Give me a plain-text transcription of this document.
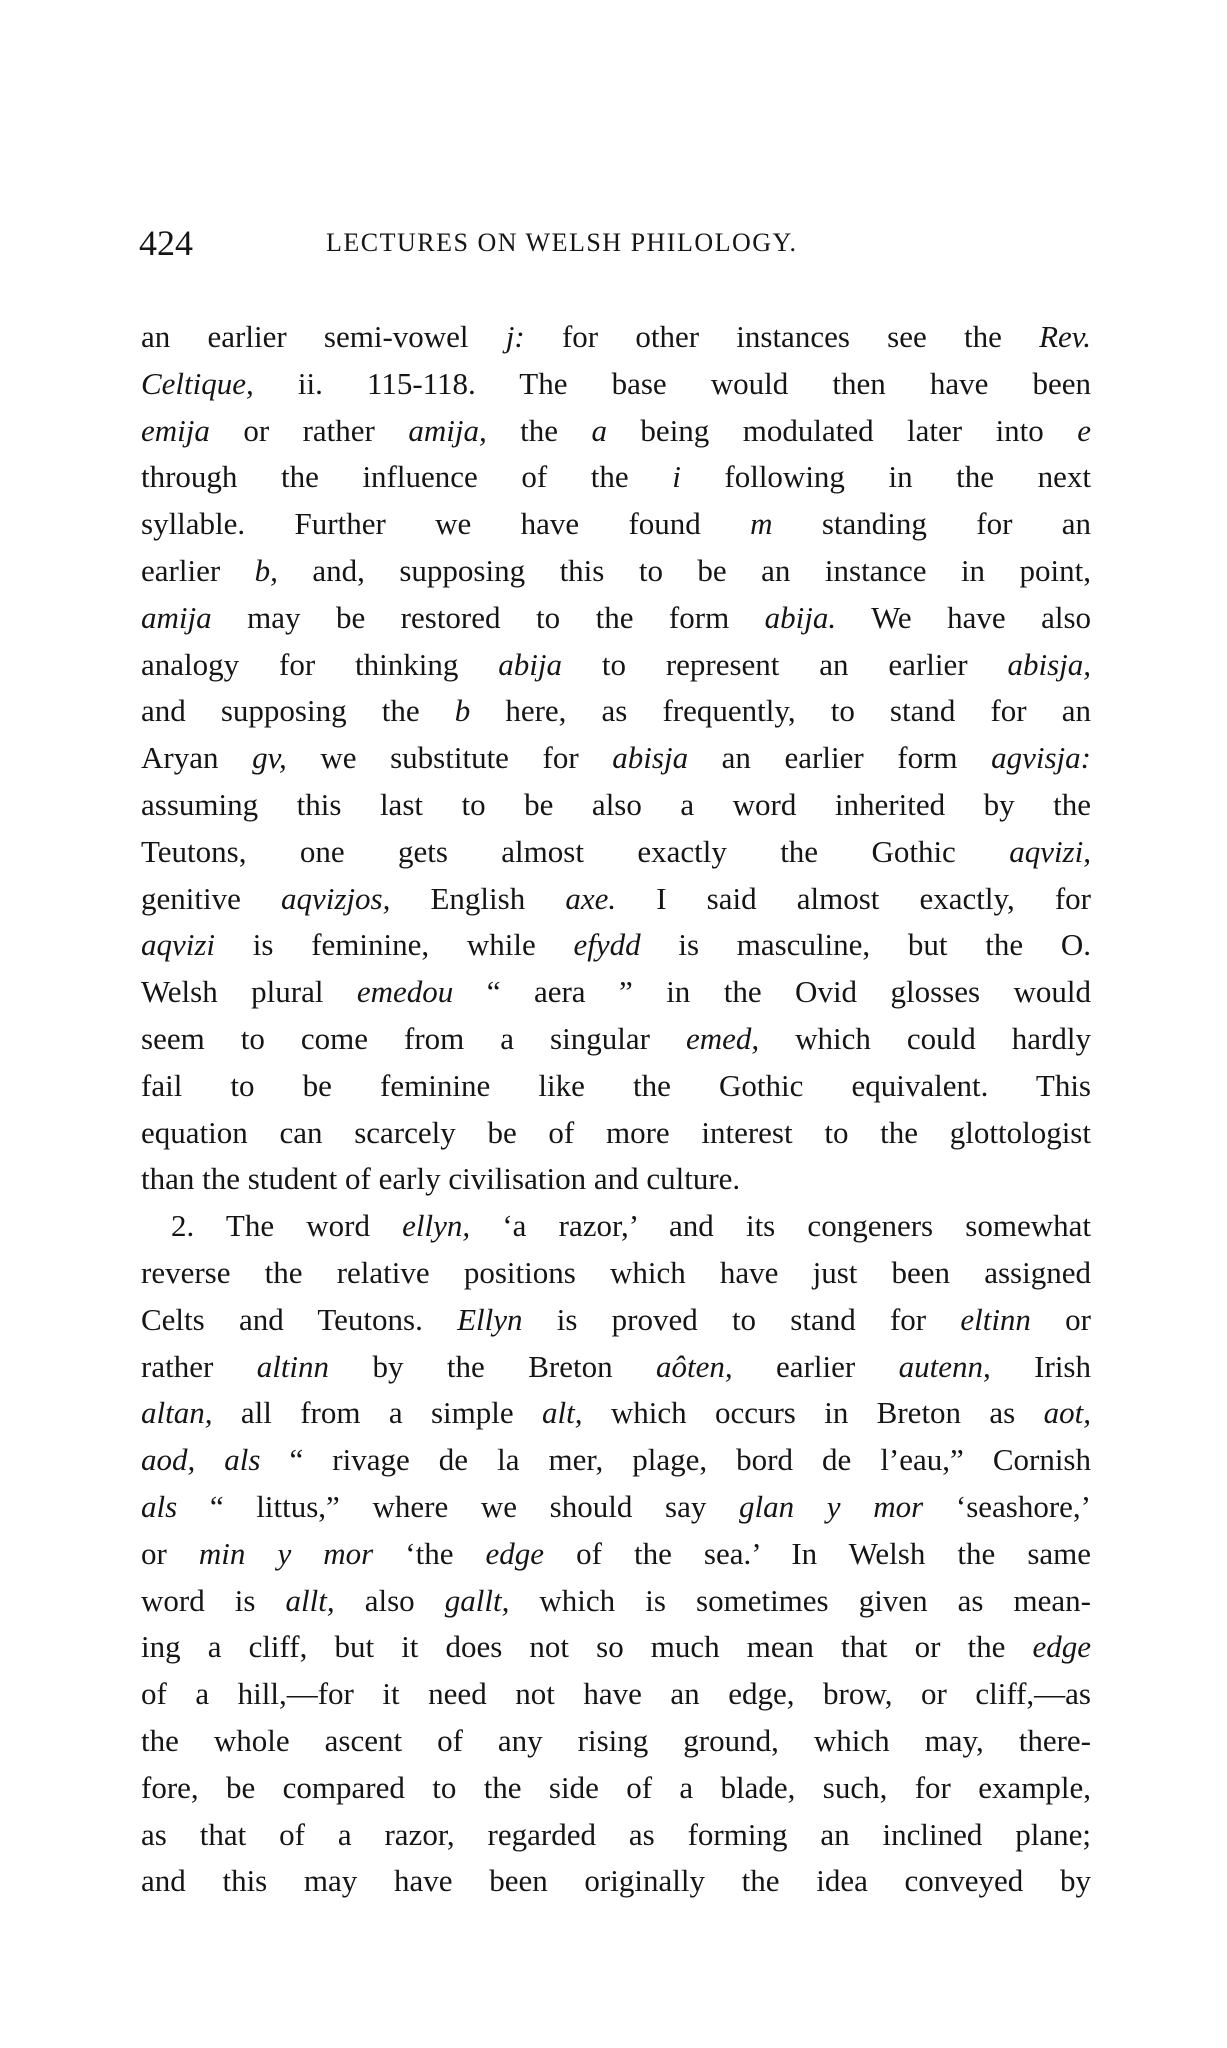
424	LECTURES ON WELSH PHILOLOGY.
an earlier semi-vowel j: for other instances see the Rev.
Celtique, ii. 115-118. The base would then have been
emija or rather amija, the a being modulated later into e
through the influence of the i following in the next
syllable. Further we have found m standing for an
earlier b, and, supposing this to be an instance in point,
amija may be restored to the form abija. We have also
analogy for thinking abija to represent an earlier abisja,
and supposing the b here, as frequently, to stand for an
Aryan gv, we substitute for abisja an earlier form agvisja:
assuming this last to be also a word inherited by the
Teutons, one gets almost exactly the Gothic aqvizi,
genitive aqvizjos, English axe. I said almost exactly, for
aqvizi is feminine, while efydd is masculine, but the O.
Welsh plural emedou “ aera ” in the Ovid glosses would
seem to come from a singular emed, which could hardly
fail to be feminine like the Gothic equivalent. This
equation can scarcely be of more interest to the glottologist
than the student of early civilisation and culture.
2. The word ellyn, ‘a razor,’ and its congeners somewhat
reverse the relative positions which have just been assigned
Celts and Teutons. Ellyn is proved to stand for eltinn or
rather altinn by the Breton aôten, earlier autenn, Irish
altan, all from a simple alt, which occurs in Breton as aot,
aod, als “ rivage de la mer, plage, bord de l’eau,” Cornish
als “ littus,” where we should say glan y mor ‘seashore,’
or min y mor ‘the edge of the sea.’ In Welsh the same
word is allt, also gallt, which is sometimes given as mean-
ing a cliff, but it does not so much mean that or the edge
of a hill,—for it need not have an edge, brow, or cliff,—as
the whole ascent of any rising ground, which may, there-
fore, be compared to the side of a blade, such, for example,
as that of a razor, regarded as forming an inclined plane;
and this may have been originally the idea conveyed by
